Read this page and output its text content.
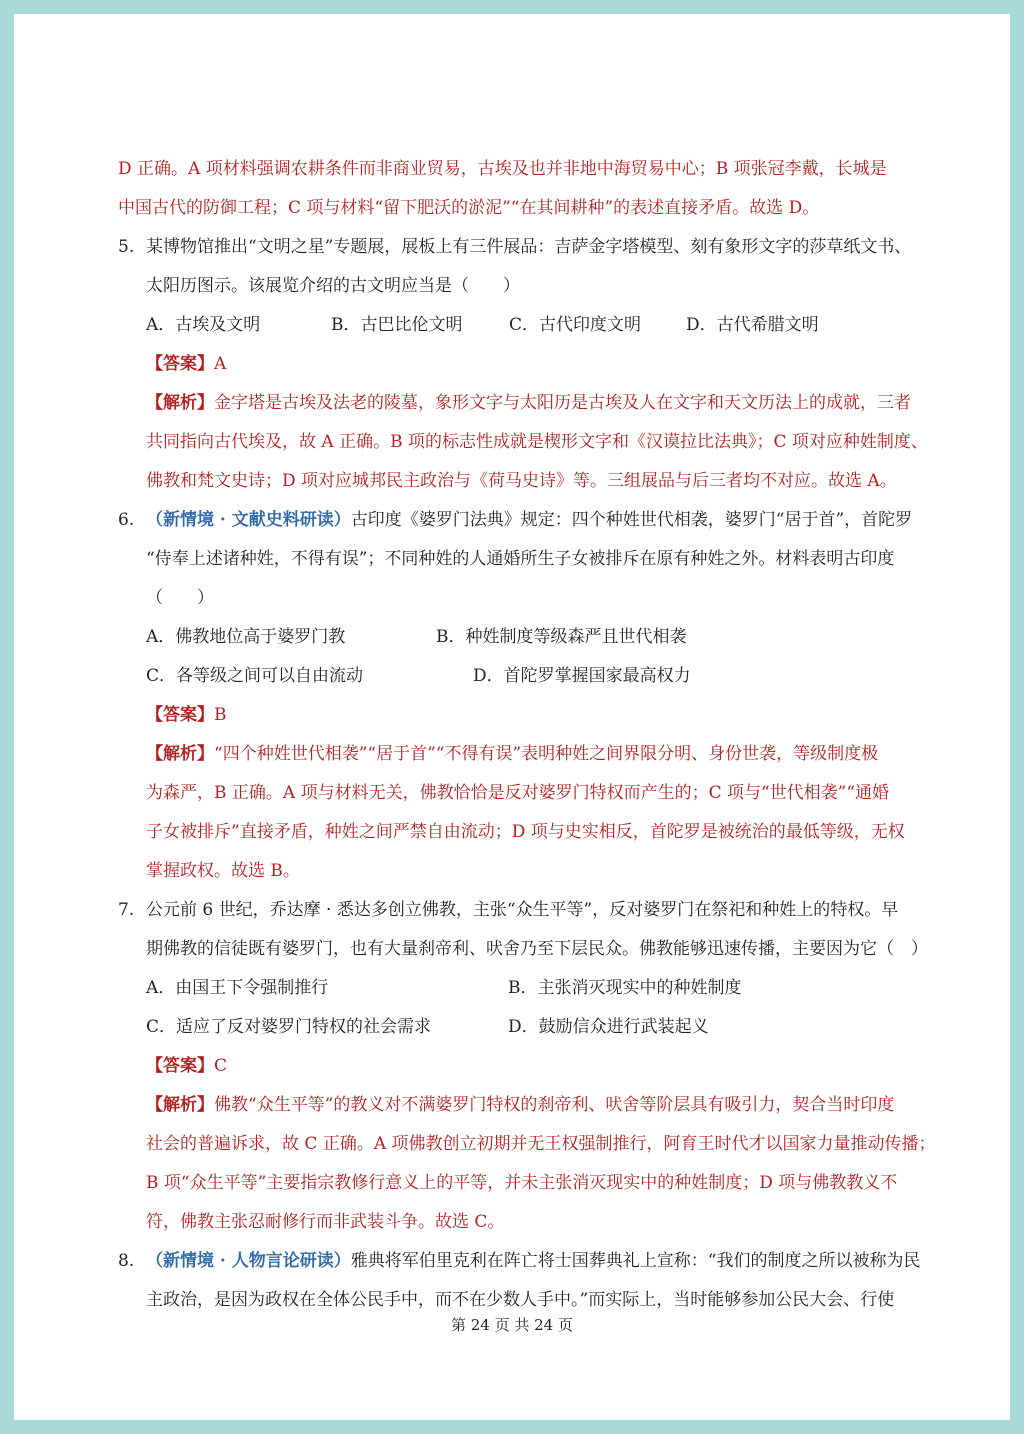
D 正确。A 项材料强调农耕条件而非商业贸易，古埃及也并非地中海贸易中心；B 项张冠李戴，长城是
中国古代的防御工程；C 项与材料“留下肥沃的淤泥”“在其间耕种”的表述直接矛盾。故选 D。
5. 某博物馆推出“文明之星”专题展，展板上有三件展品：吉萨金字塔模型、刻有象形文字的莎草纸文书、
太阳历图示。该展览介绍的古文明应当是（　　）
A．古埃及文明	B．古巴比伦文明	C．古代印度文明	D．古代希腊文明
【答案】A
【解析】金字塔是古埃及法老的陵墓，象形文字与太阳历是古埃及人在文字和天文历法上的成就，三者
共同指向古代埃及，故 A 正确。B 项的标志性成就是楔形文字和《汉谟拉比法典》；C 项对应种姓制度、
佛教和梵文史诗；D 项对应城邦民主政治与《荷马史诗》等。三组展品与后三者均不对应。故选 A。
6. （新情境 · 文献史料研读）古印度《婆罗门法典》规定：四个种姓世代相袭，婆罗门“居于首”，首陀罗
“侍奉上述诸种姓，不得有误”；不同种姓的人通婚所生子女被排斥在原有种姓之外。材料表明古印度
（　　）
A．佛教地位高于婆罗门教	B．种姓制度等级森严且世代相袭
C．各等级之间可以自由流动	D．首陀罗掌握国家最高权力
【答案】B
【解析】“四个种姓世代相袭”“居于首”“不得有误”表明种姓之间界限分明、身份世袭，等级制度极
为森严，B 正确。A 项与材料无关，佛教恰恰是反对婆罗门特权而产生的；C 项与“世代相袭”“通婚
子女被排斥”直接矛盾，种姓之间严禁自由流动；D 项与史实相反，首陀罗是被统治的最低等级，无权
掌握政权。故选 B。
7. 公元前 6 世纪，乔达摩 · 悉达多创立佛教，主张“众生平等”，反对婆罗门在祭祀和种姓上的特权。早
期佛教的信徒既有婆罗门，也有大量刹帝利、吠舍乃至下层民众。佛教能够迅速传播，主要因为它（　）
A．由国王下令强制推行	B．主张消灭现实中的种姓制度
C．适应了反对婆罗门特权的社会需求	D．鼓励信众进行武装起义
【答案】C
【解析】佛教“众生平等”的教义对不满婆罗门特权的刹帝利、吠舍等阶层具有吸引力，契合当时印度
社会的普遍诉求，故 C 正确。A 项佛教创立初期并无王权强制推行，阿育王时代才以国家力量推动传播；
B 项“众生平等”主要指宗教修行意义上的平等，并未主张消灭现实中的种姓制度；D 项与佛教教义不
符，佛教主张忍耐修行而非武装斗争。故选 C。
8. （新情境 · 人物言论研读）雅典将军伯里克利在阵亡将士国葬典礼上宣称：“我们的制度之所以被称为民
主政治，是因为政权在全体公民手中，而不在少数人手中。”而实际上，当时能够参加公民大会、行使
第 24 页 共 24 页
